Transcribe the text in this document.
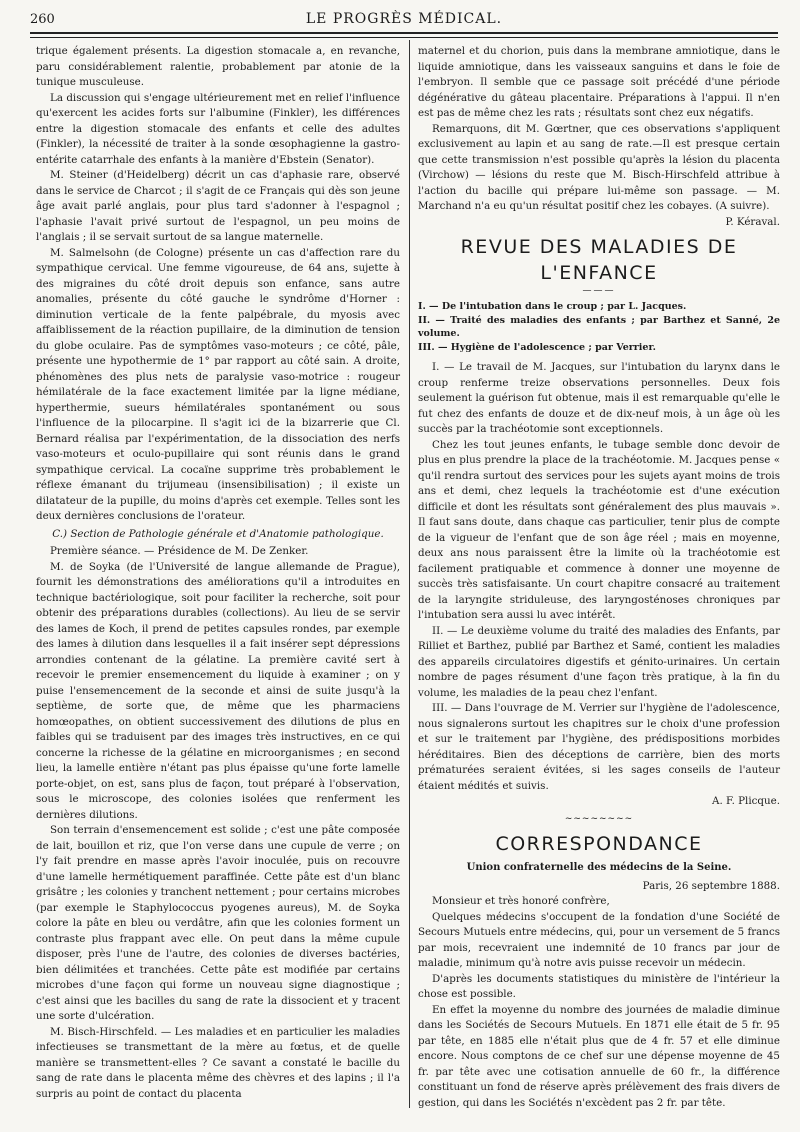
260	LE PROGRÈS MÉDICAL.

trique également présents. La digestion stomacale a, en revanche, paru considérablement ralentie, probablement par atonie de la tunique musculeuse.

La discussion qui s'engage ultérieurement met en relief l'influence qu'exercent les acides forts sur l'albumine (Finkler), les différences entre la digestion stomacale des enfants et celle des adultes (Finkler), la nécessité de traiter à la sonde œsophagienne la gastro-entérite catarrhale des enfants à la manière d'Ebstein (Senator).

M. Steiner (d'Heidelberg) décrit un cas d'aphasie rare, observé dans le service de Charcot ; il s'agit de ce Français qui dès son jeune âge avait parlé anglais, pour plus tard s'adonner à l'espagnol ; l'aphasie l'avait privé surtout de l'espagnol, un peu moins de l'anglais ; il se servait surtout de sa langue maternelle.

M. Salmelsohn (de Cologne) présente un cas d'affection rare du sympathique cervical. Une femme vigoureuse, de 64 ans, sujette à des migraines du côté droit depuis son enfance, sans autre anomalies, présente du côté gauche le syndrôme d'Horner : diminution verticale de la fente palpébrale, du myosis avec affaiblissement de la réaction pupillaire, de la diminution de tension du globe oculaire. Pas de symptômes vaso-moteurs ; ce côté, pâle, présente une hypothermie de 1° par rapport au côté sain. A droite, phénomènes des plus nets de paralysie vaso-motrice : rougeur hémilatérale de la face exactement limitée par la ligne médiane, hyperthermie, sueurs hémilatérales spontanément ou sous l'influence de la pilocarpine. Il s'agit ici de la bizarrerie que Cl. Bernard réalisa par l'expérimentation, de la dissociation des nerfs vaso-moteurs et oculo-pupillaire qui sont réunis dans le grand sympathique cervical. La cocaïne supprime très probablement le réflexe émanant du trijumeau (insensibilisation) ; il existe un dilatateur de la pupille, du moins d'après cet exemple. Telles sont les deux dernières conclusions de l'orateur.

C.) Section de Pathologie générale et d'Anatomie pathologique.

Première séance. — Présidence de M. De Zenker.

M. de Soyka (de l'Université de langue allemande de Prague), fournit les démonstrations des améliorations qu'il a introduites en technique bactériologique, soit pour faciliter la recherche, soit pour obtenir des préparations durables (collections). Au lieu de se servir des lames de Koch, il prend de petites capsules rondes, par exemple des lames à dilution dans lesquelles il a fait insérer sept dépressions arrondies contenant de la gélatine. La première cavité sert à recevoir le premier ensemencement du liquide à examiner ; on y puise l'ensemencement de la seconde et ainsi de suite jusqu'à la septième, de sorte que, de même que les pharmaciens homœopathes, on obtient successivement des dilutions de plus en faibles qui se traduisent par des images très instructives, en ce qui concerne la richesse de la gélatine en microorganismes ; en second lieu, la lamelle entière n'étant pas plus épaisse qu'une forte lamelle porte-objet, on est, sans plus de façon, tout préparé à l'observation, sous le microscope, des colonies isolées que renferment les dernières dilutions.

Son terrain d'ensemencement est solide ; c'est une pâte composée de lait, bouillon et riz, que l'on verse dans une cupule de verre ; on l'y fait prendre en masse après l'avoir inoculée, puis on recouvre d'une lamelle hermétiquement paraffinée. Cette pâte est d'un blanc grisâtre ; les colonies y tranchent nettement ; pour certains microbes (par exemple le Staphylococcus pyogenes aureus), M. de Soyka colore la pâte en bleu ou verdâtre, afin que les colonies forment un contraste plus frappant avec elle. On peut dans la même cupule disposer, près l'une de l'autre, des colonies de diverses bactéries, bien délimitées et tranchées. Cette pâte est modifiée par certains microbes d'une façon qui forme un nouveau signe diagnostique ; c'est ainsi que les bacilles du sang de rate la dissocient et y tracent une sorte d'ulcération.

M. Bisch-Hirschfeld. — Les maladies et en particulier les maladies infectieuses se transmettant de la mère au fœtus, et de quelle manière se transmettent-elles ? Ce savant a constaté le bacille du sang de rate dans le placenta même des chèvres et des lapins ; il l'a surpris au point de contact du placenta

maternel et du chorion, puis dans la membrane amniotique, dans le liquide amniotique, dans les vaisseaux sanguins et dans le foie de l'embryon. Il semble que ce passage soit précédé d'une période dégénérative du gâteau placentaire. Préparations à l'appui. Il n'en est pas de même chez les rats ; résultats sont chez eux négatifs.

Remarquons, dit M. Gœrtner, que ces observations s'appliquent exclusivement au lapin et au sang de rate.—Il est presque certain que cette transmission n'est possible qu'après la lésion du placenta (Virchow) — lésions du reste que M. Bisch-Hirschfeld attribue à l'action du bacille qui prépare lui-même son passage. — M. Marchand n'a eu qu'un résultat positif chez les cobayes. (A suivre).

P. Kéraval.
REVUE DES MALADIES DE L'ENFANCE
———
I. — De l'intubation dans le croup ; par L. Jacques.
II. — Traité des maladies des enfants ; par Barthez et Sanné, 2e volume.
III. — Hygiène de l'adolescence ; par Verrier.

I. — Le travail de M. Jacques, sur l'intubation du larynx dans le croup renferme treize observations personnelles. Deux fois seulement la guérison fut obtenue, mais il est remarquable qu'elle le fut chez des enfants de douze et de dix-neuf mois, à un âge où les succès par la trachéotomie sont exceptionnels.

Chez les tout jeunes enfants, le tubage semble donc devoir de plus en plus prendre la place de la trachéotomie. M. Jacques pense « qu'il rendra surtout des services pour les sujets ayant moins de trois ans et demi, chez lequels la trachéotomie est d'une exécution difficile et dont les résultats sont généralement des plus mauvais ». Il faut sans doute, dans chaque cas particulier, tenir plus de compte de la vigueur de l'enfant que de son âge réel ; mais en moyenne, deux ans nous paraissent être la limite où la trachéotomie est facilement pratiquable et commence à donner une moyenne de succès très satisfaisante. Un court chapitre consacré au traitement de la laryngite striduleuse, des laryngosténoses chroniques par l'intubation sera aussi lu avec intérêt.

II. — Le deuxième volume du traité des maladies des Enfants, par Rilliet et Barthez, publié par Barthez et Samé, contient les maladies des appareils circulatoires digestifs et génito-urinaires. Un certain nombre de pages résument d'une façon très pratique, à la fin du volume, les maladies de la peau chez l'enfant.

III. — Dans l'ouvrage de M. Verrier sur l'hygiène de l'adolescence, nous signalerons surtout les chapitres sur le choix d'une profession et sur le traitement par l'hygiène, des prédispositions morbides héréditaires. Bien des déceptions de carrière, bien des morts prématurées seraient évitées, si les sages conseils de l'auteur étaient médités et suivis.

A. F. Plicque.
~~~~~~~~
CORRESPONDANCE
Union confraternelle des médecins de la Seine.
Paris, 26 septembre 1888.

Monsieur et très honoré confrère,

Quelques médecins s'occupent de la fondation d'une Société de Secours Mutuels entre médecins, qui, pour un versement de 5 francs par mois, recevraient une indemnité de 10 francs par jour de maladie, minimum qu'à notre avis puisse recevoir un médecin.

D'après les documents statistiques du ministère de l'intérieur la chose est possible.

En effet la moyenne du nombre des journées de maladie diminue dans les Sociétés de Secours Mutuels. En 1871 elle était de 5 fr. 95 par tête, en 1885 elle n'était plus que de 4 fr. 57 et elle diminue encore. Nous comptons de ce chef sur une dépense moyenne de 45 fr. par tête avec une cotisation annuelle de 60 fr., la différence constituant un fond de réserve après prélèvement des frais divers de gestion, qui dans les Sociétés n'excèdent pas 2 fr. par tête.
